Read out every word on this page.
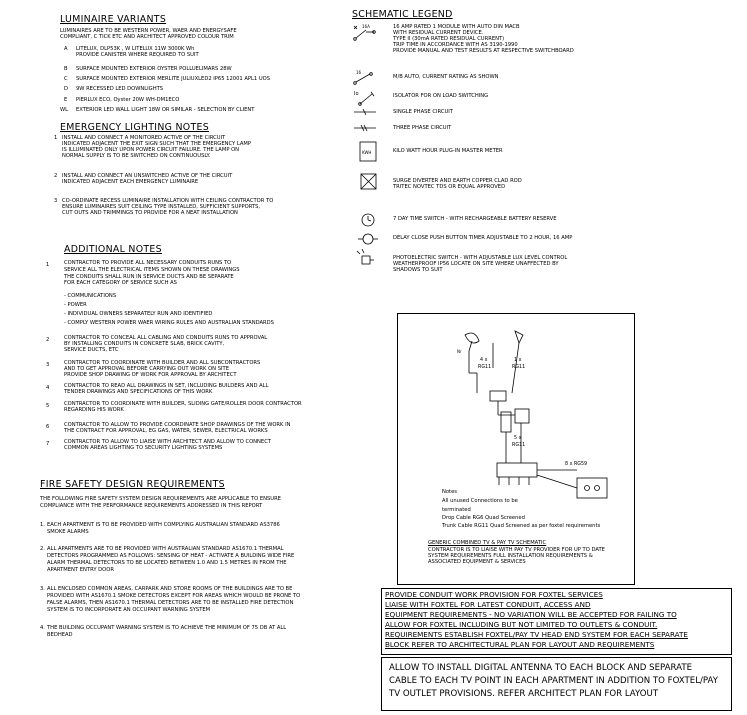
LUMINAIRE VARIANTS
LUMINAIRES ARE TO BE WESTERN POWER, WAER AND ENERGYSAFE
COMPLIANT, C TICK ETC AND ARCHITECT APPROVED COLOUR TRIM
A LITELUX, DLP53K , W LITELUX 11W 3000K Wh
PROVIDE CANISTER WHERE REQUIRED TO SUIT
B SURFACE MOUNTED EXTERIOR OYSTER POLLUELIMARS 28W
C SURFACE MOUNTED EXTERIOR MERLITE JULIUXLED2 IP65 12001 APL1 UOS
D 9W RECESSED LED DOWNLIGHTS
E PIERLUX ECO, Oyster 20W WH-DM1ECO
WL EXTERIOR LED WALL LIGHT 18W OR SIMILAR - SELECTION BY CLIENT
EMERGENCY LIGHTING NOTES
1 INSTALL AND CONNECT A MONITORED ACTIVE OF THE CIRCUIT
INDICATED ADJACENT THE EXIT SIGN SUCH THAT THE EMERGENCY LAMP
IS ILLUMINATED ONLY UPON POWER CIRCUIT FAILURE. THE LAMP ON
NORMAL SUPPLY IS TO BE SWITCHED ON CONTINUOUSLY.
2 INSTALL AND CONNECT AN UNSWITCHED ACTIVE OF THE CIRCUIT
INDICATED ADJACENT EACH EMERGENCY LUMINAIRE
3 CO-ORDINATE RECESS LUMINAIRE INSTALLATION WITH CEILING CONTRACTOR TO
ENSURE LUMINAIRES SUIT CEILING TYPE INSTALLED, SUFFICIENT SUPPORTS,
CUT OUTS AND TRIMMINGS TO PROVIDE FOR A NEAT INSTALLATION
ADDITIONAL NOTES
1	CONTRACTOR TO PROVIDE ALL NECESSARY CONDUITS RUNS TO
SERVICE ALL THE ELECTRICAL ITEMS SHOWN ON THESE DRAWINGS
THE CONDUITS SHALL RUN IN SERVICE DUCTS AND BE SEPARATE
FOR EACH CATEGORY OF SERVICE SUCH AS
- COMMUNICATIONS
- POWER
- INDIVIDUAL OWNERS SEPARATELY RUN AND IDENTIFIED
- COMPLY WESTERN POWER WAER WIRING RULES AND AUSTRALIAN STANDARDS
2	CONTRACTOR TO CONCEAL ALL CABLING AND CONDUITS RUNS TO APPROVAL
BY INSTALLING CONDUITS IN CONCRETE SLAB, BRICK CAVITY,
SERVICE DUCTS, ETC
3	CONTRACTOR TO COORDINATE WITH BUILDER AND ALL SUBCONTRACTORS
AND TO GET APPROVAL BEFORE CARRYING OUT WORK ON SITE
PROVIDE SHOP DRAWING OF WORK FOR APPROVAL BY ARCHITECT
4	CONTRACTOR TO READ ALL DRAWINGS IN SET, INCLUDING BUILDERS AND ALL
TENDER DRAWINGS AND SPECIFICATIONS OF THIS WORK
5	CONTRACTOR TO COORDINATE WITH BUILDER, SLIDING GATE/ROLLER DOOR CONTRACTOR
REGARDING HIS WORK
6	CONTRACTOR TO ALLOW TO PROVIDE COORDINATE SHOP DRAWINGS OF THE WORK IN
THE CONTRACT FOR APPROVAL, EG GAS, WATER, SEWER, ELECTRICAL WORKS
7	CONTRACTOR TO ALLOW TO LIAISE WITH ARCHITECT AND ALLOW TO CONNECT
COMMON AREAS LIGHTING TO SECURITY LIGHTING SYSTEMS
FIRE SAFETY DESIGN REQUIREMENTS
THE FOLLOWING FIRE SAFETY SYSTEM DESIGN REQUIREMENTS ARE APPLICABLE TO ENSURE
COMPLIANCE WITH THE PERFORMANCE REQUIREMENTS ADDRESSED IN THIS REPORT
1. EACH APARTMENT IS TO BE PROVIDED WITH COMPLYING AUSTRALIAN STANDARD AS3786
SMOKE ALARMS
2. ALL APARTMENTS ARE TO BE PROVIDED WITH AUSTRALIAN STANDARD AS1670.1 THERMAL
DETECTORS PROGRAMMED AS FOLLOWS: SENSING OF HEAT - ACTIVATE A BUILDING WIDE FIRE
ALARM THERMAL DETECTORS TO BE LOCATED BETWEEN 1.0 AND 1.5 METRES IN FROM THE
APARTMENT ENTRY DOOR
3. ALL ENCLOSED COMMON AREAS, CARPARK AND STORE ROOMS OF THE BUILDINGS ARE TO BE
PROVIDED WITH AS1670.1 SMOKE DETECTORS EXCEPT FOR AREAS WHICH WOULD BE PRONE TO
FALSE ALARMS, THEN AS1670.1 THERMAL DETECTORS ARE TO BE INSTALLED FIRE DETECTION
SYSTEM IS TO INCORPORATE AN OCCUPANT WARNING SYSTEM
4. THE BUILDING OCCUPANT WARNING SYSTEM IS TO ACHIEVE THE MINIMUM OF 75 DB AT ALL
BEDHEAD
SCHEMATIC LEGEND
KWH
16A
16
Io
16 AMP RATED 1 MODULE WITH AUTO DIN MACB
WITH RESIDUAL CURRENT DEVICE.
TYPE II (30mA RATED RESIDUAL CURRENT)
TRIP TIME IN ACCORDANCE WITH AS 3190-1990
PROVIDE MANUAL AND TEST RESULTS AT RESPECTIVE SWITCHBOARD
M/B AUTO, CURRENT RATING AS SHOWN
ISOLATOR FOR ON LOAD SWITCHING
SINGLE PHASE CIRCUIT
THREE PHASE CIRCUIT
KILO WATT HOUR PLUG-IN MASTER METER
SURGE DIVERTER AND EARTH COPPER CLAD ROD
TRITEC NOVTEC TDS OR EQUAL APPROVED
7 DAY TIME SWITCH - WITH RECHARGEABLE BATTERY RESERVE
DELAY CLOSE PUSH BUTTON TIMER ADJUSTABLE TO 2 HOUR, 16 AMP
PHOTOELECTRIC SWITCH - WITH ADJUSTABLE LUX LEVEL CONTROL
WEATHERPROOF IP56 LOCATE ON SITE WHERE UNAFFECTED BY
SHADOWS TO SUIT
Nr
4 x
RG11
1 x
RG11
5 x
RG11
8 x RG59
Notes
All unused Connections to be
terminated
Drop Cable RG6 Quad Screened
Trunk Cable RG11 Quad Screened as per foxtel requirements
GENERIC COMBINED TV & PAY TV SCHEMATIC
CONTRACTOR IS TO LIAISE WITH PAY TV PROVIDER FOR UP TO DATE
SYSTEM REQUIREMENTS FULL INSTALLATION REQUIREMENTS &
ASSOCIATED EQUIPMENT & SERVICES
PROVIDE CONDUIT WORK PROVISION FOR FOXTEL SERVICES
LIAISE WITH FOXTEL FOR LATEST CONDUIT, ACCESS AND
EQUIPMENT REQUIREMENTS - NO VARIATION WILL BE ACCEPTED FOR FAILING TO
ALLOW FOR FOXTEL INCLUDING BUT NOT LIMITED TO OUTLETS & CONDUIT.
REQUIREMENTS ESTABLISH FOXTEL/PAY TV HEAD END SYSTEM FOR EACH SEPARATE
BLOCK REFER TO ARCHITECTURAL PLAN FOR LAYOUT AND REQUIREMENTS
ALLOW TO INSTALL DIGITAL ANTENNA TO EACH BLOCK AND SEPARATE
CABLE TO EACH TV POINT IN EACH APARTMENT IN ADDITION TO FOXTEL/PAY
TV OUTLET PROVISIONS. REFER ARCHITECT PLAN FOR LAYOUT
